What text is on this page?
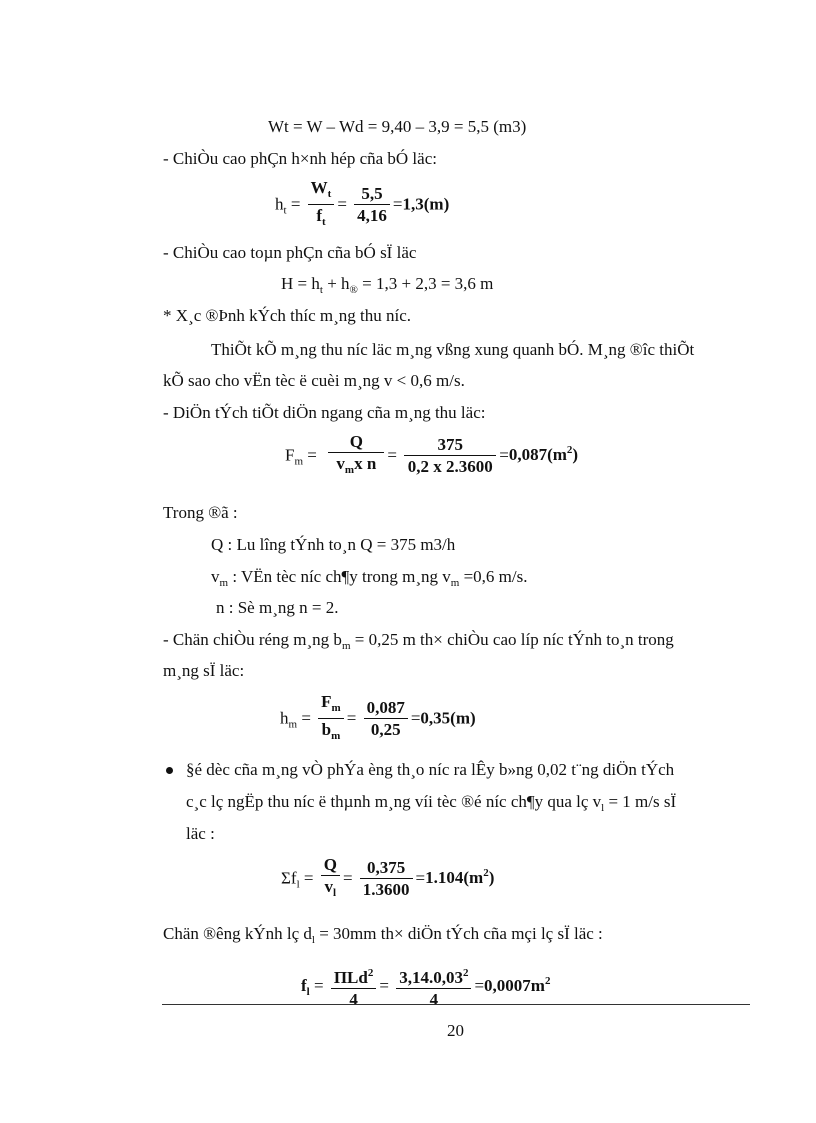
Wt = W – Wd = 9,40 – 3,9 = 5,5 (m3)
- ChiÒu cao phÇn h×nh hép cña bÓ läc:
$h_t = \frac{W_t}{f_t} = \frac{5,5}{4,16} =1,3(m)$
- ChiÒu cao toµn phÇn cña bÓ sÏ läc
$H = h_t + h_® = 1,3 + 2,3 = 3,6$ m
* X¸c ®Þnh kÝch thíc m¸ng thu níc.
ThiÕt kÕ m¸ng thu níc läc m¸ng vßng xung quanh bÓ. M¸ng ®îc thiÕt
kÕ sao cho vËn tèc ë cuèi m¸ng v < 0,6 m/s.
- DiÖn tÝch tiÕt diÖn ngang cña m¸ng thu läc:
$F_m = \frac{Q}{v_mx n} = \frac{375}{0,2 x 2.3600} =0,087(m^2)$
Trong ®ã :
Q : Lu lîng tÝnh to¸n Q = 375 m3/h
$v_m$ : VËn tèc níc ch¶y trong m¸ng $v_m =0,6$ m/s.
n : Sè m¸ng n = 2.
- Chän chiÒu réng m¸ng $b_m = 0,25$ m th× chiÒu cao líp níc tÝnh to¸n trong
m¸ng sÏ läc:
$h_m = \frac{F_m}{b_m} = \frac{0,087}{0,25} =0,35(m)$
§é dèc cña m¸ng vÒ phÝa èng th¸o níc ra lÊy b»ng 0,02 t¨ng diÖn tÝch
c¸c lç ngËp thu níc ë thµnh m¸ng víi tèc ®é níc ch¶y qua lç $v_l = 1$ m/s sÏ
läc :
$\Sigma f_l = \frac{Q}{v_l} = \frac{0,375}{1.3600} =1.104(m^2)$
Chän ®êng kÝnh lç $d_l = 30mm$ th× diÖn tÝch cña mçi lç sÏ läc :
$f_l = \frac{\Pi Ld^2}{4} = \frac{3,14.0,03^2}{4} =0,0007m^2$
20
